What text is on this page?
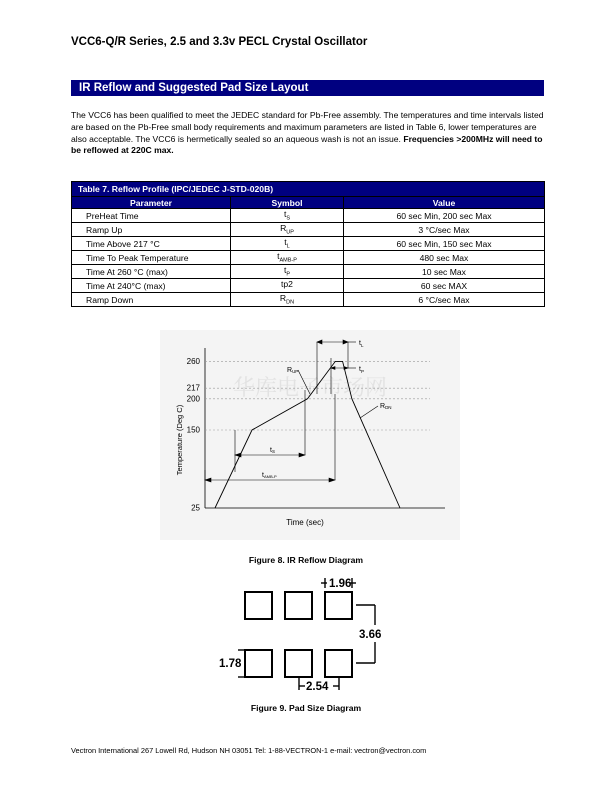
VCC6-Q/R Series, 2.5 and 3.3v PECL Crystal Oscillator
IR Reflow and Suggested Pad Size Layout
The VCC6 has been qualified to meet the JEDEC standard for Pb-Free assembly. The temperatures and time intervals listed are based on the Pb-Free small body requirements and maximum parameters are listed in Table 6, lower temperatures are also acceptable. The VCC6 is hermetically sealed so an aqueous wash is not an issue. Frequencies >200MHz will need to be reflowed at 220C max.
Table 7. Reflow Profile (IPC/JEDEC J-STD-020B)		
Parameter	Symbol	Value
PreHeat Time	$t_S$	60 sec Min, 200 sec Max
Ramp Up	$R_{UP}$	3 °C/sec Max
Time Above 217 °C	$t_L$	60 sec Min, 150 sec Max
Time To Peak Temperature	$t_{AMB-P}$	480 sec Max
Time At 260 °C (max)	$t_P$	10 sec Max
Time At 240°C (max)	tp2	60 sec MAX
Ramp Down	$R_{DN}$	6 °C/sec Max
华库电子市场网
260
217
200
150
25
$t_L$
$t_P$
RUP
RDN
tS
tAMB-P
Temperature (Deg C)
Time (sec)
Figure 8. IR Reflow Diagram
1.96
3.66
1.78
2.54
Figure 9. Pad Size Diagram
Vectron International 267 Lowell Rd, Hudson NH 03051 Tel: 1-88-VECTRON-1 e-mail: vectron@vectron.com
